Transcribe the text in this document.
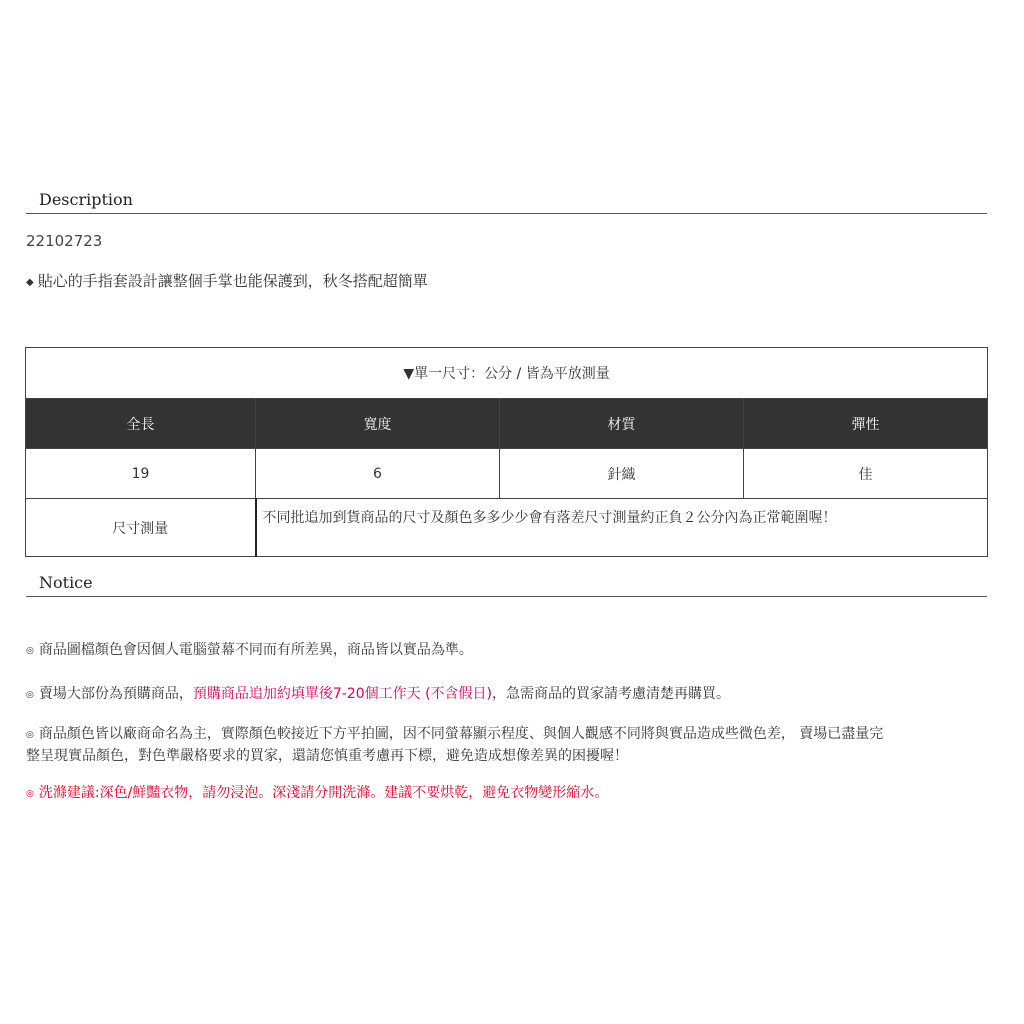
Description
22102723
◆ 貼心的手指套設計讓整個手掌也能保護到，秋冬搭配超簡單
▼單一尺寸：公分 / 皆為平放測量			
全長	寬度	材質	彈性
19	6	針織	佳
尺寸測量	不同批追加到貨商品的尺寸及顏色多多少少會有落差尺寸測量約正負２公分內為正常範圍喔！		
Notice
◎ 商品圖檔顏色會因個人電腦螢幕不同而有所差異，商品皆以實品為準。
◎ 賣場大部份為預購商品，預購商品追加約填單後7-20個工作天 (不含假日)，急需商品的買家請考慮清楚再購買。
◎ 商品顏色皆以廠商命名為主，實際顏色較接近下方平拍圖，因不同螢幕顯示程度、與個人觀感不同將與實品造成些微色差， 賣場已盡量完
整呈現實品顏色，對色準嚴格要求的買家，還請您慎重考慮再下標，避免造成想像差異的困擾喔！
◎ 洗滌建議:深色/鮮豔衣物，請勿浸泡。深淺請分開洗滌。建議不要烘乾，避免衣物變形縮水。
